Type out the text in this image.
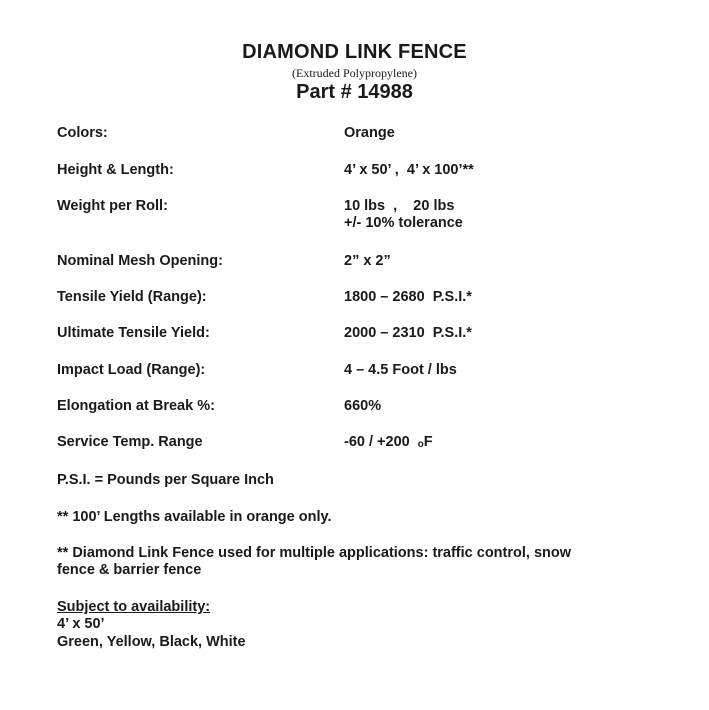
DIAMOND LINK FENCE
(Extruded Polypropylene)
Part # 14988
Colors:	Orange
Height & Length:	4’ x 50’ ,  4’ x 100’**
Weight per Roll:	10 lbs  ,    20 lbs
+/- 10% tolerance
Nominal Mesh Opening:	2” x 2”
Tensile Yield (Range):	1800 – 2680  P.S.I.*
Ultimate Tensile Yield:	2000 – 2310  P.S.I.*
Impact Load (Range):	4 – 4.5 Foot / lbs
Elongation at Break %:	660%
Service Temp. Range	-60 / +200  ₒF
P.S.I. = Pounds per Square Inch
** 100’ Lengths available in orange only.
** Diamond Link Fence used for multiple applications: traffic control, snow
fence & barrier fence
Subject to availability:
4’ x 50’
Green, Yellow, Black, White
